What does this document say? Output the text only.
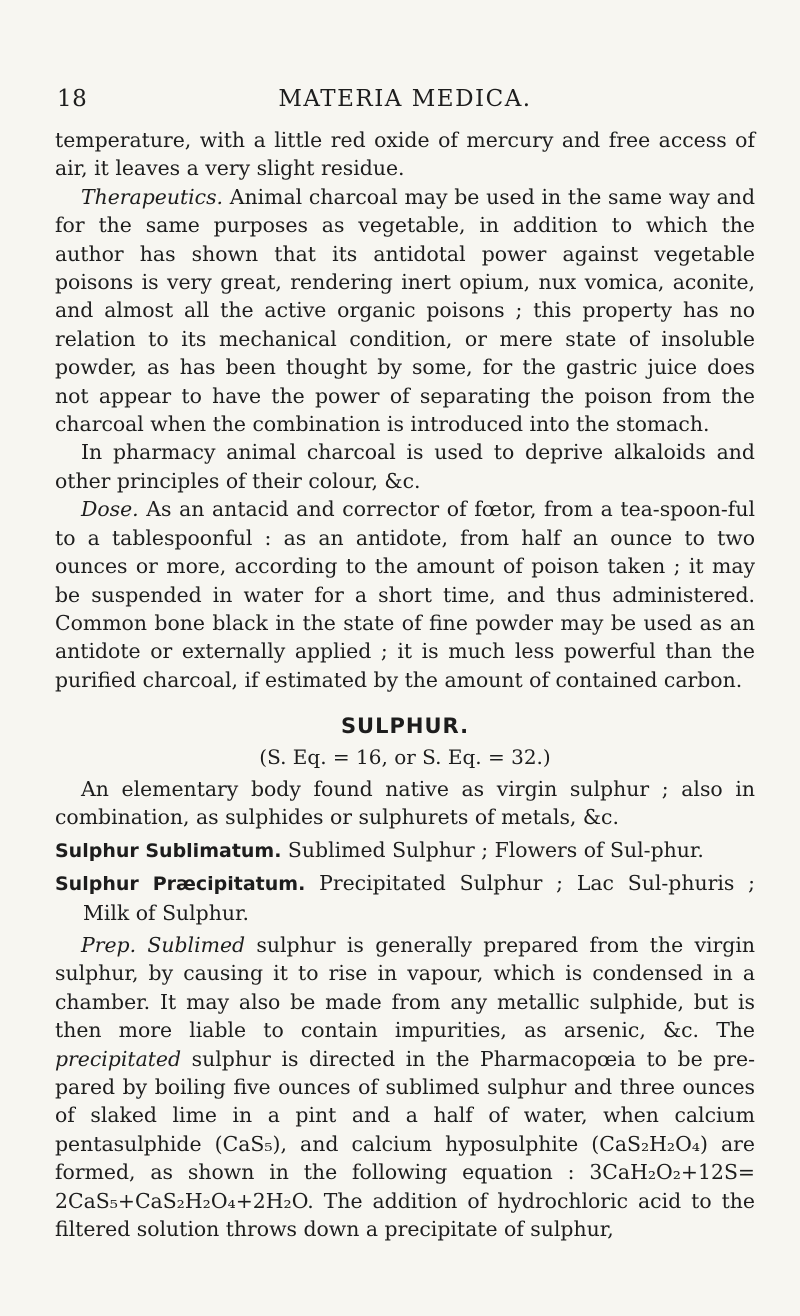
18	MATERIA MEDICA.

temperature, with a little red oxide of mercury and free access of air, it leaves a very slight residue.

Therapeutics. Animal charcoal may be used in the same way and for the same purposes as vegetable, in addition to which the author has shown that its antidotal power against vegetable poisons is very great, rendering inert opium, nux vomica, aconite, and almost all the active organic poisons ; this property has no relation to its mechanical condition, or mere state of insoluble powder, as has been thought by some, for the gastric juice does not appear to have the power of separating the poison from the charcoal when the combination is introduced into the stomach.

In pharmacy animal charcoal is used to deprive alkaloids and other principles of their colour, &c.

Dose. As an antacid and corrector of fœtor, from a tea-spoon-ful to a tablespoonful : as an antidote, from half an ounce to two ounces or more, according to the amount of poison taken ; it may be suspended in water for a short time, and thus administered. Common bone black in the state of fine powder may be used as an antidote or externally applied ; it is much less powerful than the purified charcoal, if estimated by the amount of contained carbon.

SULPHUR.
(S. Eq. = 16, or S. Eq. = 32.)

An elementary body found native as virgin sulphur ; also in combination, as sulphides or sulphurets of metals, &c.

Sulphur Sublimatum. Sublimed Sulphur ; Flowers of Sul-phur.

Sulphur Præcipitatum. Precipitated Sulphur ; Lac Sul-phuris ; Milk of Sulphur.

Prep. Sublimed sulphur is generally prepared from the virgin sulphur, by causing it to rise in vapour, which is condensed in a chamber. It may also be made from any metallic sulphide, but is then more liable to contain impurities, as arsenic, &c. The precipitated sulphur is directed in the Pharmacopœia to be pre-pared by boiling five ounces of sublimed sulphur and three ounces of slaked lime in a pint and a half of water, when calcium pentasulphide (CaS₅), and calcium hyposulphite (CaS₂H₂O₄) are formed, as shown in the following equation : 3CaH₂O₂+12S= 2CaS₅+CaS₂H₂O₄+2H₂O. The addition of hydrochloric acid to the filtered solution throws down a precipitate of sulphur,
